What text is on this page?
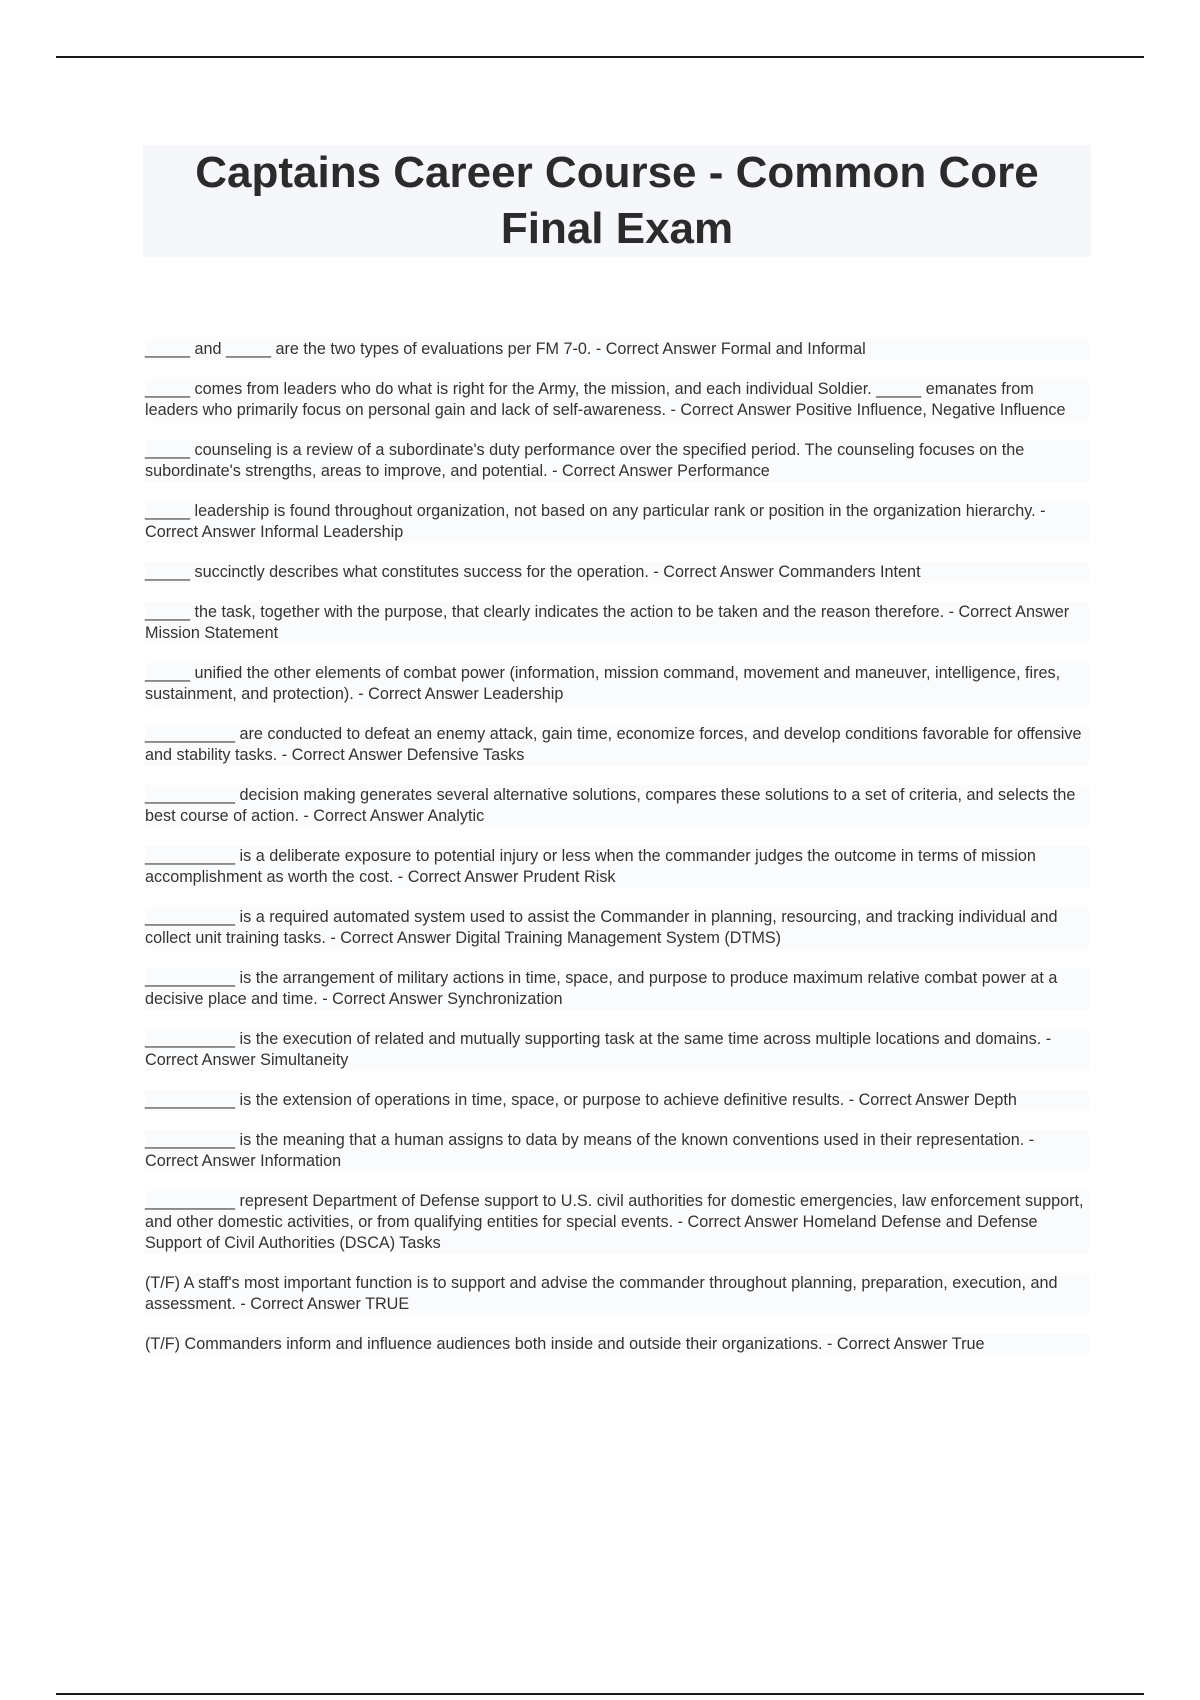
Captains Career Course - Common Core
Final Exam
_____ and _____ are the two types of evaluations per FM 7-0. - Correct Answer Formal and Informal
_____ comes from leaders who do what is right for the Army, the mission, and each individual Soldier. _____ emanates from leaders who primarily focus on personal gain and lack of self-awareness. - Correct Answer Positive Influence, Negative Influence
_____ counseling is a review of a subordinate's duty performance over the specified period. The counseling focuses on the subordinate's strengths, areas to improve, and potential. - Correct Answer Performance
_____ leadership is found throughout organization, not based on any particular rank or position in the organization hierarchy. - Correct Answer Informal Leadership
_____ succinctly describes what constitutes success for the operation. - Correct Answer Commanders Intent
_____ the task, together with the purpose, that clearly indicates the action to be taken and the reason therefore. - Correct Answer Mission Statement
_____ unified the other elements of combat power (information, mission command, movement and maneuver, intelligence, fires, sustainment, and protection). - Correct Answer Leadership
__________ are conducted to defeat an enemy attack, gain time, economize forces, and develop conditions favorable for offensive and stability tasks. - Correct Answer Defensive Tasks
__________ decision making generates several alternative solutions, compares these solutions to a set of criteria, and selects the best course of action. - Correct Answer Analytic
__________ is a deliberate exposure to potential injury or less when the commander judges the outcome in terms of mission accomplishment as worth the cost. - Correct Answer Prudent Risk
__________ is a required automated system used to assist the Commander in planning, resourcing, and tracking individual and collect unit training tasks. - Correct Answer Digital Training Management System (DTMS)
__________ is the arrangement of military actions in time, space, and purpose to produce maximum relative combat power at a decisive place and time. - Correct Answer Synchronization
__________ is the execution of related and mutually supporting task at the same time across multiple locations and domains. - Correct Answer Simultaneity
__________ is the extension of operations in time, space, or purpose to achieve definitive results. - Correct Answer Depth
__________ is the meaning that a human assigns to data by means of the known conventions used in their representation. - Correct Answer Information
__________ represent Department of Defense support to U.S. civil authorities for domestic emergencies, law enforcement support, and other domestic activities, or from qualifying entities for special events. - Correct Answer Homeland Defense and Defense Support of Civil Authorities (DSCA) Tasks
(T/F) A staff's most important function is to support and advise the commander throughout planning, preparation, execution, and assessment. - Correct Answer TRUE
(T/F) Commanders inform and influence audiences both inside and outside their organizations. - Correct Answer True
